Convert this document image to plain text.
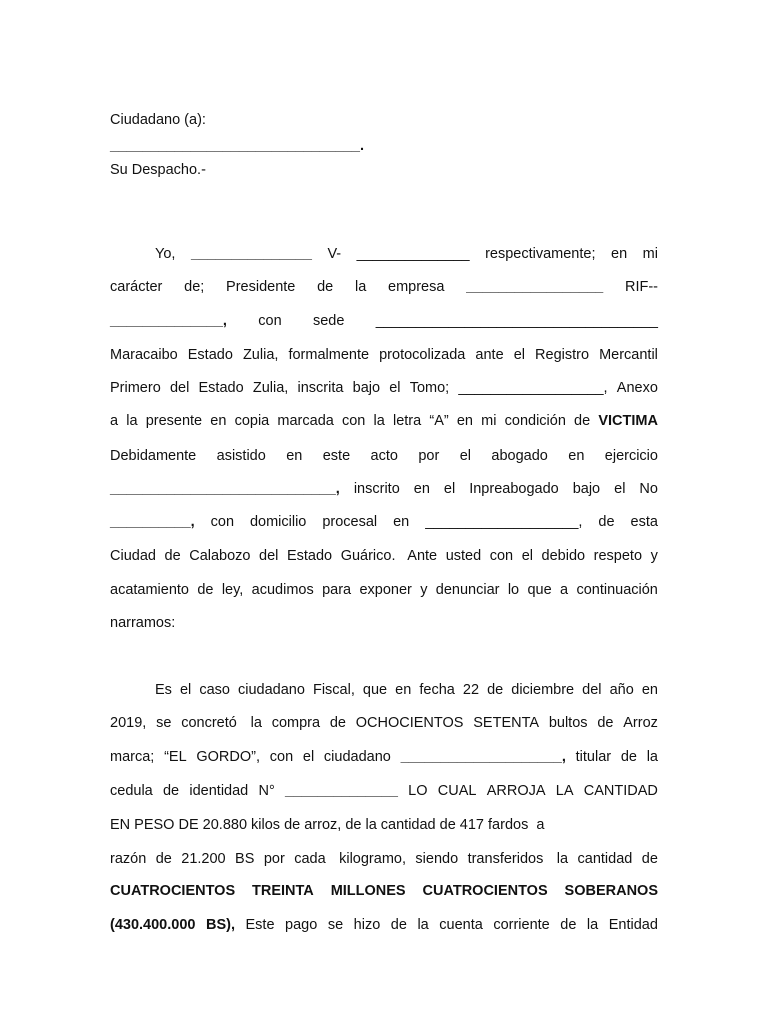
Ciudadano (a):
_______________________________.
Su Despacho.-
Yo, _______________ V- ______________ respectivamente; en mi
carácter de; Presidente de la empresa _________________ RIF--
______________, con sede ___________________________________
Maracaibo Estado Zulia, formalmente protocolizada ante el Registro Mercantil
Primero del Estado Zulia, inscrita bajo el Tomo; __________________, Anexo
a la presente en copia marcada con la letra “A” en mi condición de VICTIMA
Debidamente asistido en este acto por el abogado en ejercicio
____________________________, inscrito en el Inpreabogado bajo el No
__________, con domicilio procesal en ___________________, de esta
Ciudad de Calabozo del Estado Guárico. Ante usted con el debido respeto y
acatamiento de ley, acudimos para exponer y denunciar lo que a continuación
narramos:
Es el caso ciudadano Fiscal, que en fecha 22 de diciembre del año en
2019, se concretó la compra de OCHOCIENTOS SETENTA bultos de Arroz
marca; “EL GORDO”, con el ciudadano ____________________, titular de la
cedula de identidad N° ______________ LO CUAL ARROJA LA CANTIDAD
EN PESO DE 20.880 kilos de arroz, de la cantidad de 417 fardos  a
razón de 21.200 BS por cada kilogramo, siendo transferidos la cantidad de
CUATROCIENTOS TREINTA MILLONES CUATROCIENTOS SOBERANOS
(430.400.000 BS), Este pago se hizo de la cuenta corriente de la Entidad
